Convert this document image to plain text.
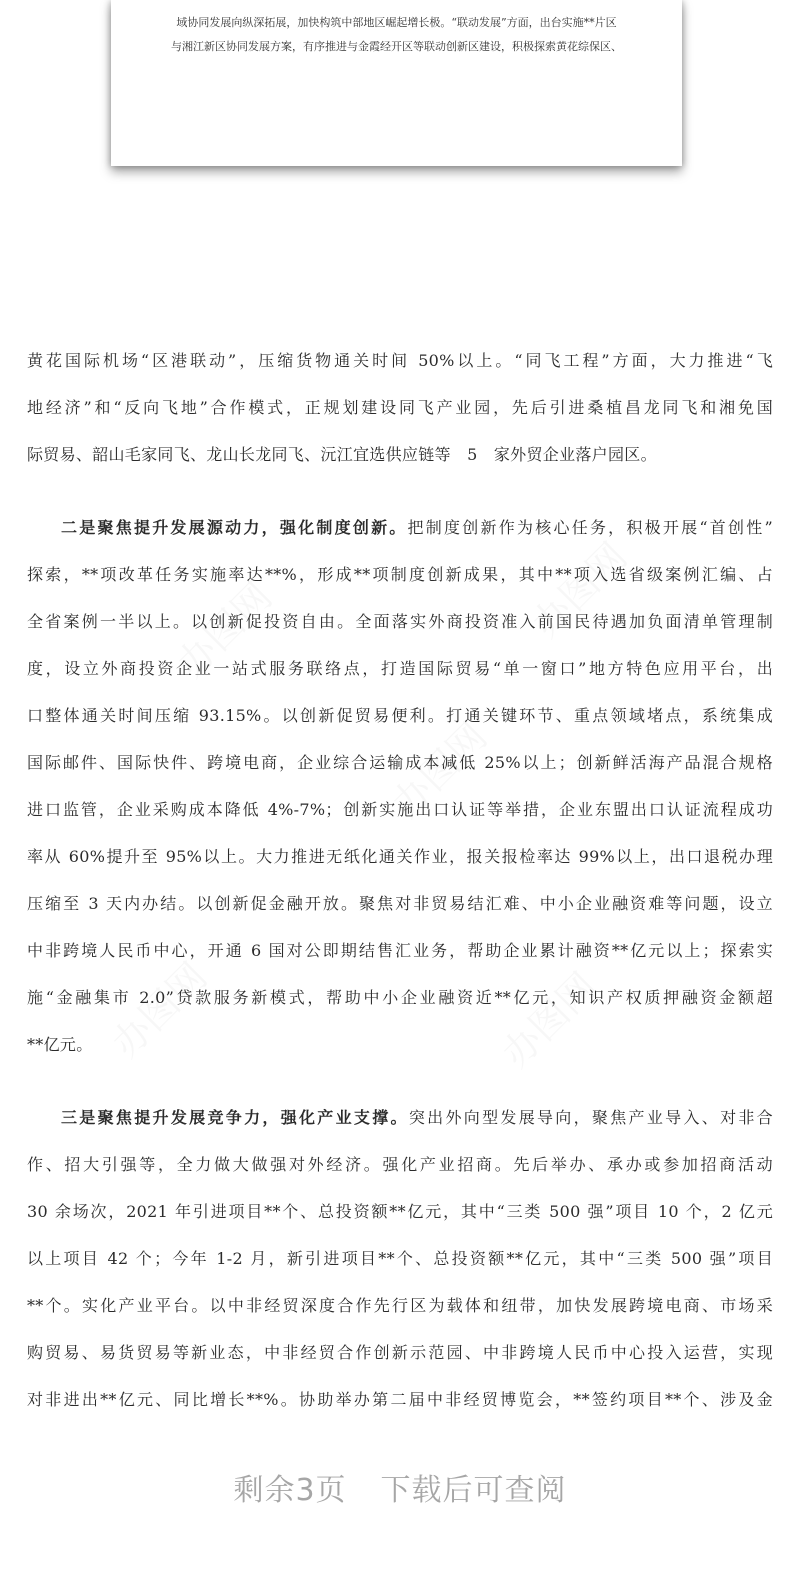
域协同发展向纵深拓展，加快构筑中部地区崛起增长极。“联动发展”方面，出台实施**片区
与湘江新区协同发展方案，有序推进与金霞经开区等联动创新区建设，积极探索黄花综保区、
办图网
办图网
办图网
办图网	办图网
黄花国际机场“区港联动”，压缩货物通关时间 50%以上。“同飞工程”方面，大力推进“飞
地经济”和“反向飞地”合作模式，正规划建设同飞产业园，先后引进桑植昌龙同飞和湘免国
际贸易、韶山毛家同飞、龙山长龙同飞、沅江宜选供应链等　5　家外贸企业落户园区。
二是聚焦提升发展源动力，强化制度创新。把制度创新作为核心任务，积极开展“首创性”
探索，**项改革任务实施率达**%，形成**项制度创新成果，其中**项入选省级案例汇编、占
全省案例一半以上。以创新促投资自由。全面落实外商投资准入前国民待遇加负面清单管理制
度，设立外商投资企业一站式服务联络点，打造国际贸易“单一窗口”地方特色应用平台，出
口整体通关时间压缩 93.15%。以创新促贸易便利。打通关键环节、重点领域堵点，系统集成
国际邮件、国际快件、跨境电商，企业综合运输成本减低 25%以上；创新鲜活海产品混合规格
进口监管，企业采购成本降低 4%-7%；创新实施出口认证等举措，企业东盟出口认证流程成功
率从 60%提升至 95%以上。大力推进无纸化通关作业，报关报检率达 99%以上，出口退税办理
压缩至 3 天内办结。以创新促金融开放。聚焦对非贸易结汇难、中小企业融资难等问题，设立
中非跨境人民币中心，开通 6 国对公即期结售汇业务，帮助企业累计融资**亿元以上；探索实
施“金融集市 2.0”贷款服务新模式，帮助中小企业融资近**亿元，知识产权质押融资金额超
**亿元。
三是聚焦提升发展竞争力，强化产业支撑。突出外向型发展导向，聚焦产业导入、对非合
作、招大引强等，全力做大做强对外经济。强化产业招商。先后举办、承办或参加招商活动
30 余场次，2021 年引进项目**个、总投资额**亿元，其中“三类 500 强”项目 10 个，2 亿元
以上项目 42 个；今年 1-2 月，新引进项目**个、总投资额**亿元，其中“三类 500 强”项目
**个。实化产业平台。以中非经贸深度合作先行区为载体和纽带，加快发展跨境电商、市场采
购贸易、易货贸易等新业态，中非经贸合作创新示范园、中非跨境人民币中心投入运营，实现
对非进出**亿元、同比增长**%。协助举办第二届中非经贸博览会，**签约项目**个、涉及金
剩余3页 下载后可查阅
